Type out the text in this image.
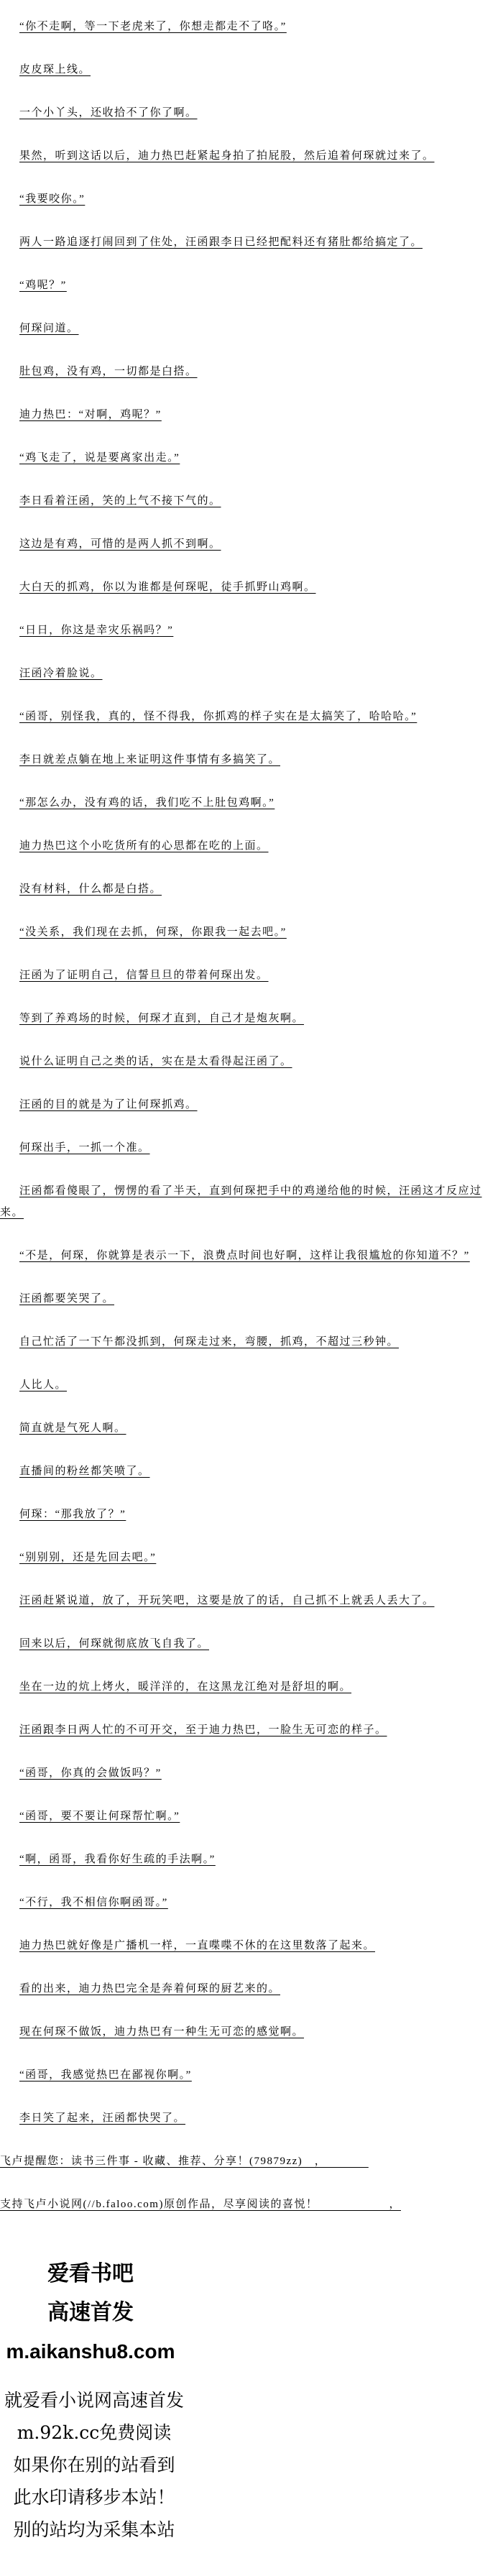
“你不走啊，等一下老虎来了，你想走都走不了咯。”

皮皮琛上线。

一个小丫头，还收拾不了你了啊。

果然，听到这话以后，迪力热巴赶紧起身拍了拍屁股，然后追着何琛就过来了。

“我要咬你。”

两人一路追逐打闹回到了住处，汪函跟李日已经把配料还有猪肚都给搞定了。

“鸡呢？”

何琛问道。

肚包鸡，没有鸡，一切都是白搭。

迪力热巴：“对啊，鸡呢？”

“鸡飞走了，说是要离家出走。”

李日看着汪函，笑的上气不接下气的。

这边是有鸡，可惜的是两人抓不到啊。

大白天的抓鸡，你以为谁都是何琛呢，徒手抓野山鸡啊。

“日日，你这是幸灾乐祸吗？”

汪函冷着脸说。

“函哥，别怪我，真的，怪不得我，你抓鸡的样子实在是太搞笑了，哈哈哈。”

李日就差点躺在地上来证明这件事情有多搞笑了。

“那怎么办，没有鸡的话，我们吃不上肚包鸡啊。”

迪力热巴这个小吃货所有的心思都在吃的上面。

没有材料，什么都是白搭。

“没关系，我们现在去抓，何琛，你跟我一起去吧。”

汪函为了证明自己，信誓旦旦的带着何琛出发。

等到了养鸡场的时候，何琛才直到，自己才是炮灰啊。

说什么证明自己之类的话，实在是太看得起汪函了。

汪函的目的就是为了让何琛抓鸡。

何琛出手，一抓一个准。

汪函都看傻眼了，愣愣的看了半天，直到何琛把手中的鸡递给他的时候，汪函这才反应过来。

“不是，何琛，你就算是表示一下，浪费点时间也好啊，这样让我很尴尬的你知道不？”

汪函都要笑哭了。

自己忙活了一下午都没抓到，何琛走过来，弯腰，抓鸡，不超过三秒钟。

人比人。

简直就是气死人啊。

直播间的粉丝都笑喷了。

何琛：“那我放了？”

“别别别，还是先回去吧。”

汪函赶紧说道，放了，开玩笑吧，这要是放了的话，自己抓不上就丢人丢大了。

回来以后，何琛就彻底放飞自我了。

坐在一边的炕上烤火，暖洋洋的，在这黑龙江绝对是舒坦的啊。

汪函跟李日两人忙的不可开交，至于迪力热巴，一脸生无可恋的样子。

“函哥，你真的会做饭吗？”

“函哥，要不要让何琛帮忙啊。”

“啊，函哥，我看你好生疏的手法啊。”

“不行，我不相信你啊函哥。”

迪力热巴就好像是广播机一样，一直喋喋不休的在这里数落了起来。

看的出来，迪力热巴完全是奔着何琛的厨艺来的。

现在何琛不做饭，迪力热巴有一种生无可恋的感觉啊。

“函哥，我感觉热巴在鄙视你啊。”

李日笑了起来，汪函都快哭了。

飞卢提醒您：读书三件事 - 收藏、推荐、分享！(79879zz)　，　　　　

支持飞卢小说网(//b.faloo.com)原创作品，尽享阅读的喜悦！　　　　　　，

爱看书吧
高速首发
m.aikanshu8.com
就爱看小说网高速首发
m.92k.cc免费阅读
如果你在别的站看到
此水印请移步本站！
别的站均为采集本站
